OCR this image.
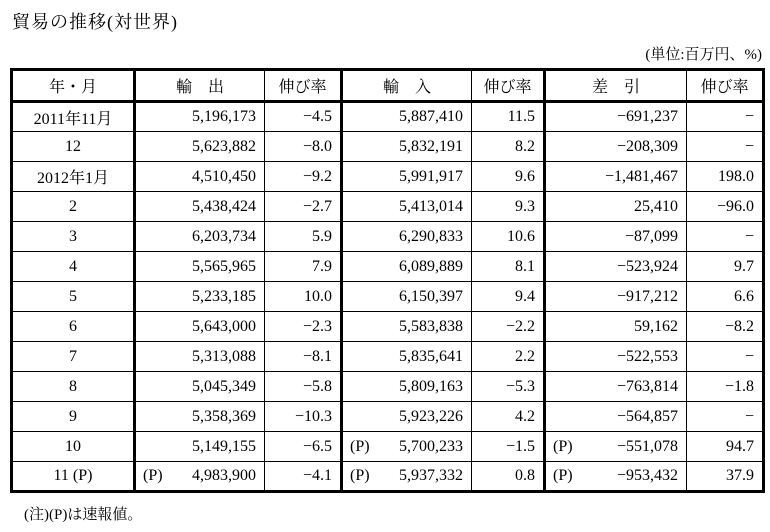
貿易の推移(対世界)
(単位:百万円、%)
年・月	輸　出	伸び率	輸　入	伸び率	差　引	伸び率
2011年11月	5,196,173	−4.5	5,887,410	11.5	−691,237	−
12	5,623,882	−8.0	5,832,191	8.2	−208,309	−
2012年1月	4,510,450	−9.2	5,991,917	9.6	−1,481,467	198.0
2	5,438,424	−2.7	5,413,014	9.3	25,410	−96.0
3	6,203,734	5.9	6,290,833	10.6	−87,099	−
4	5,565,965	7.9	6,089,889	8.1	−523,924	9.7
5	5,233,185	10.0	6,150,397	9.4	−917,212	6.6
6	5,643,000	−2.3	5,583,838	−2.2	59,162	−8.2
7	5,313,088	−8.1	5,835,641	2.2	−522,553	−
8	5,045,349	−5.8	5,809,163	−5.3	−763,814	−1.8
9	5,358,369	−10.3	5,923,226	4.2	−564,857	−
10	5,149,155	−6.5	(P) 5,700,233	−1.5	(P) −551,078	94.7
11 (P)	(P) 4,983,900	−4.1	(P) 5,937,332	0.8	(P) −953,432	37.9
(注)(P)は速報値。
